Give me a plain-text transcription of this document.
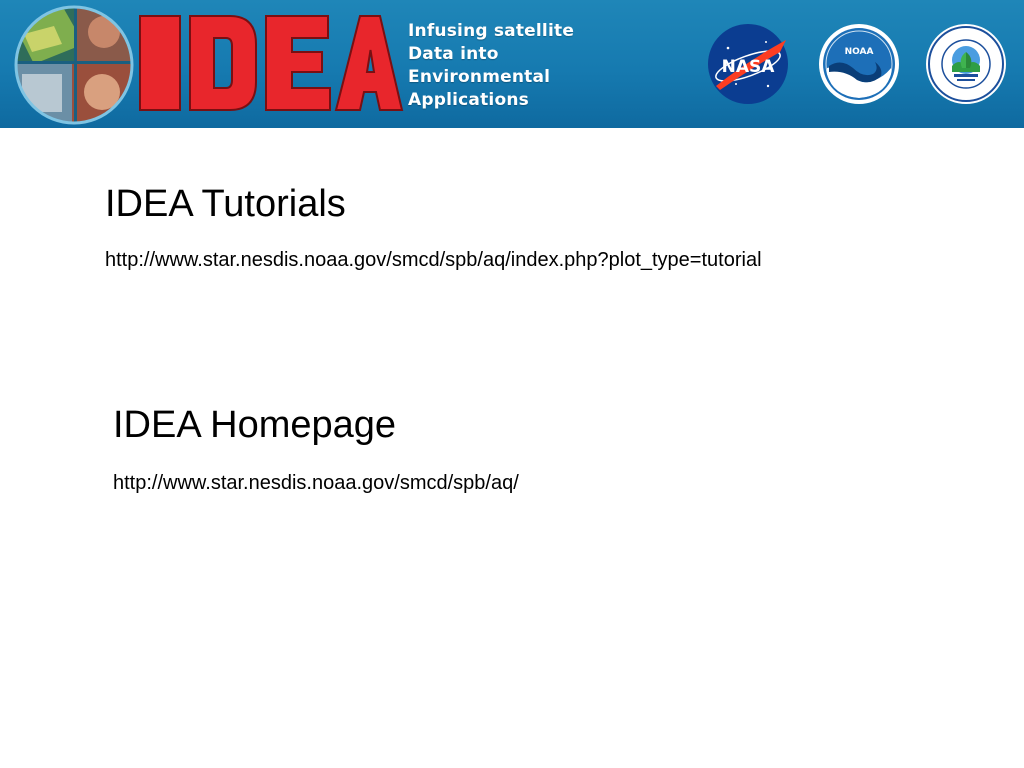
IDEA
Infusing satellite
Data into
Environmental
Applications
NASA
NOAA
EPA
IDEA Tutorials
http://www.star.nesdis.noaa.gov/smcd/spb/aq/index.php?plot_type=tutorial
IDEA Homepage
http://www.star.nesdis.noaa.gov/smcd/spb/aq/
